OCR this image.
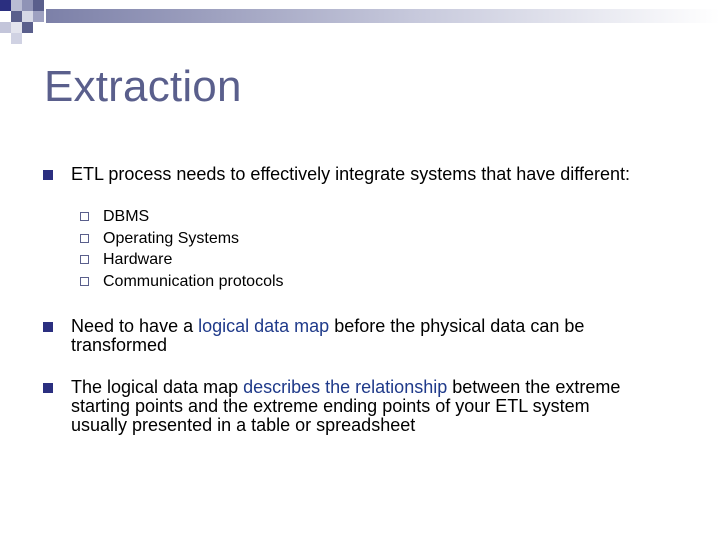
Extraction
ETL process needs to effectively integrate systems that have different:
DBMS
Operating Systems
Hardware
Communication protocols
Need to have a logical data map before the physical data can be transformed
The logical data map describes the relationship between the extreme starting points and the extreme ending points of your ETL system usually presented in a table or spreadsheet
